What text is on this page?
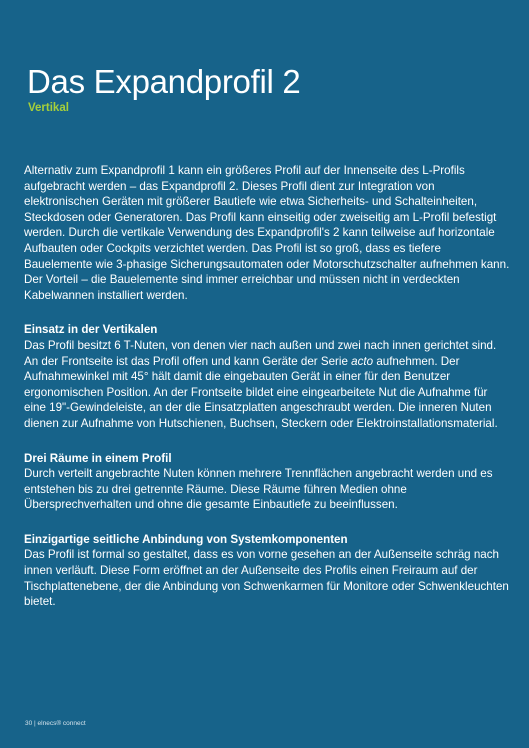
Das Expandprofil 2
Vertikal

Alternativ zum Expandprofil 1 kann ein größeres Profil auf der Innenseite des L-Profils aufgebracht werden – das Expandprofil 2. Dieses Profil dient zur Integration von elektronischen Geräten mit größerer Bautiefe wie etwa Sicherheits- und Schalteinheiten, Steckdosen oder Generatoren. Das Profil kann einseitig oder zweiseitig am L-Profil befestigt werden. Durch die vertikale Verwendung des Expandprofil's 2 kann teilweise auf horizontale Aufbauten oder Cockpits verzichtet werden. Das Profil ist so groß, dass es tiefere Bauelemente wie 3-phasige Sicherungsautomaten oder Motorschutzschalter aufnehmen kann. Der Vorteil – die Bauelemente sind immer erreichbar und müssen nicht in verdeckten Kabelwannen installiert werden.

Einsatz in der Vertikalen

Das Profil besitzt 6 T-Nuten, von denen vier nach außen und zwei nach innen gerichtet sind. An der Frontseite ist das Profil offen und kann Geräte der Serie acto aufnehmen. Der Aufnahmewinkel mit 45° hält damit die eingebauten Gerät in einer für den Benutzer ergonomischen Position. An der Frontseite bildet eine eingearbeitete Nut die Aufnahme für eine 19"-Gewindeleiste, an der die Einsatzplatten angeschraubt werden. Die inneren Nuten dienen zur Aufnahme von Hutschienen, Buchsen, Steckern oder Elektroinstallationsmaterial.

Drei Räume in einem Profil

Durch verteilt angebrachte Nuten können mehrere Trennflächen angebracht werden und es entstehen bis zu drei getrennte Räume. Diese Räume führen Medien ohne Übersprechverhalten und ohne die gesamte Einbautiefe zu beeinflussen.

Einzigartige seitliche Anbindung von Systemkomponenten

Das Profil ist formal so gestaltet, dass es von vorne gesehen an der Außenseite schräg nach innen verläuft. Diese Form eröffnet an der Außenseite des Profils einen Freiraum auf der Tischplattenebene, der die Anbindung von Schwenkarmen für Monitore oder Schwenkleuchten bietet.

30 | elnecs® connect
